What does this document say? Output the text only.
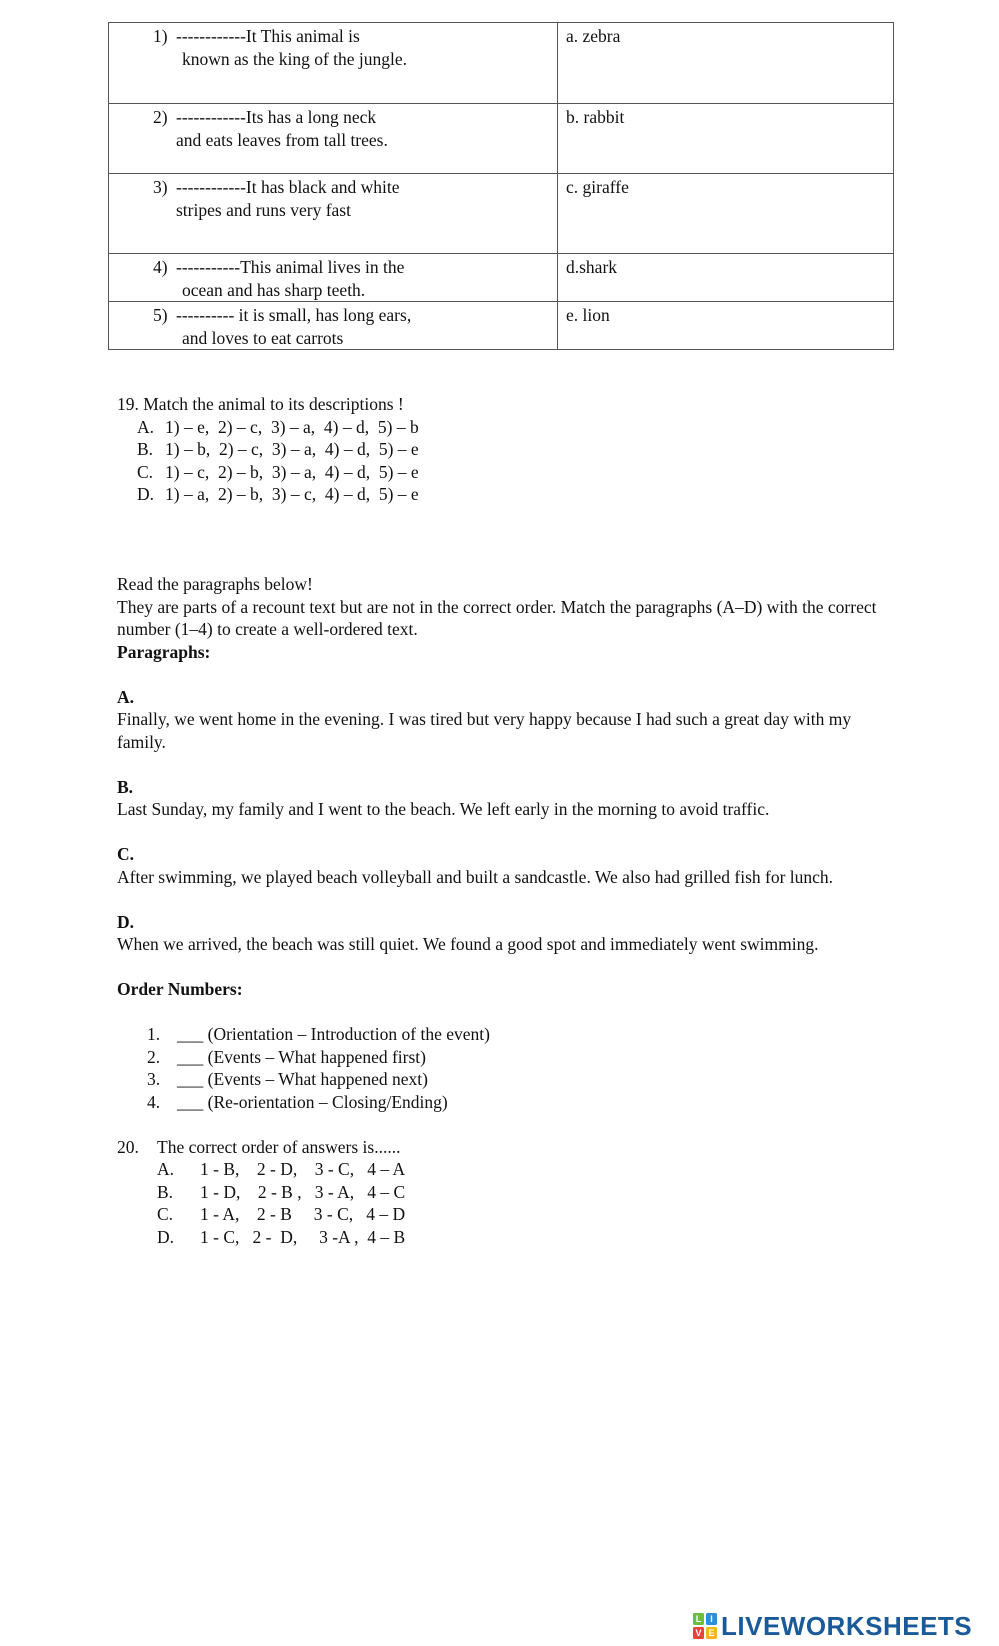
1) ------------It This animal is
known as the king of the jungle.	a. zebra

2) ------------Its has a long neck
and eats leaves from tall trees.	b. rabbit

3) ------------It has black and white
stripes and runs very fast	c. giraffe

4) -----------This animal lives in the
ocean and has sharp teeth.	d.shark

5) ---------- it is small, has long ears,
and loves to eat carrots	e. lion
19. Match the animal to its descriptions !
A. 1) – e,  2) – c,  3) – a,  4) – d,  5) – b
B. 1) – b,  2) – c,  3) – a,  4) – d,  5) – e
C. 1) – c,  2) – b,  3) – a,  4) – d,  5) – e
D. 1) – a,  2) – b,  3) – c,  4) – d,  5) – e

Read the paragraphs below!

They are parts of a recount text but are not in the correct order. Match the paragraphs (A–D) with the correct number (1–4) to create a well-ordered text.

Paragraphs:

A.

Finally, we went home in the evening. I was tired but very happy because I had such a great day with my family.

B.

Last Sunday, my family and I went to the beach. We left early in the morning to avoid traffic.

C.

After swimming, we played beach volleyball and built a sandcastle. We also had grilled fish for lunch.

D.

When we arrived, the beach was still quiet. We found a good spot and immediately went swimming.

Order Numbers:

1. ___ (Orientation – Introduction of the event)
2. ___ (Events – What happened first)
3. ___ (Events – What happened next)
4. ___ (Re-orientation – Closing/Ending)
20.	The correct order of answers is......
A.	1 - B,    2 - D,    3 - C,   4 – A
B.	1 - D,    2 - B ,   3 - A,   4 – C
C.	1 - A,    2 - B     3 - C,   4 – D
D.	1 - C,   2 -  D,     3 -A ,  4 – B
L I
V E LIVEWORKSHEETS
